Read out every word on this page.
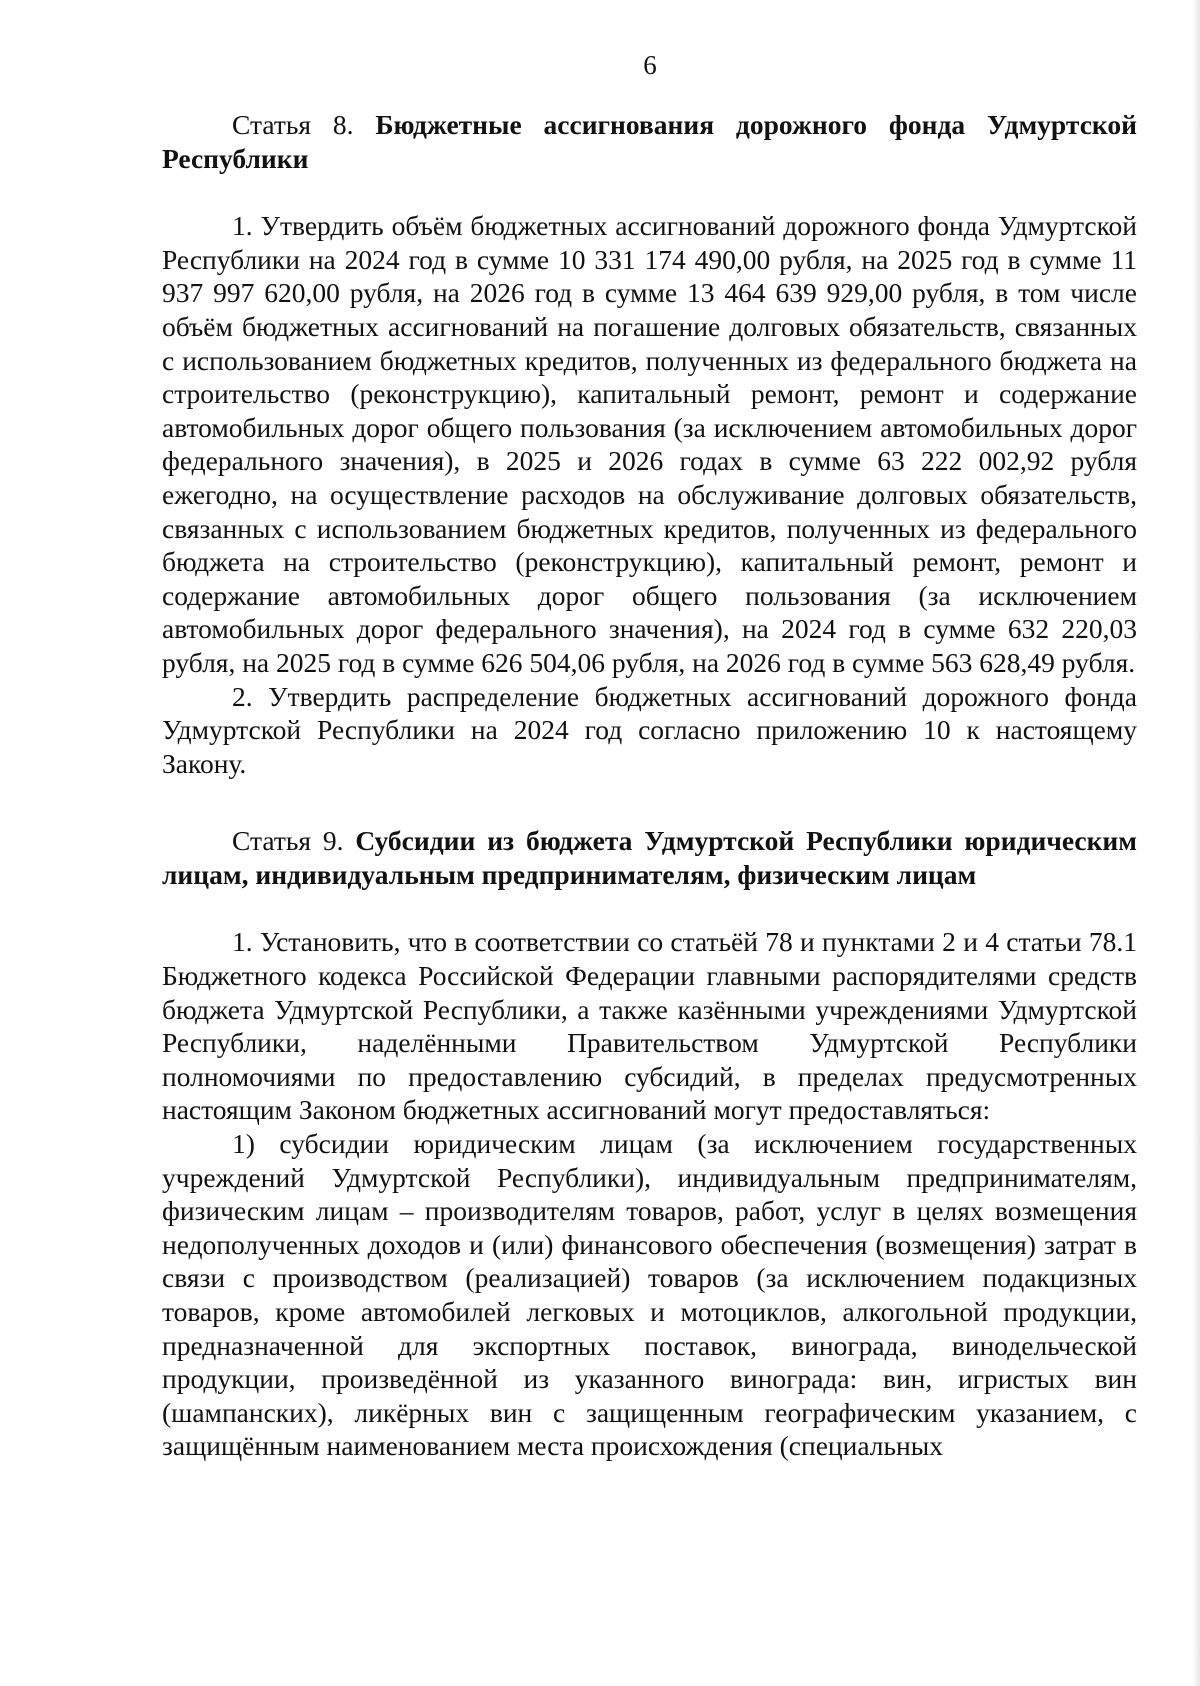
6

Статья 8. Бюджетные ассигнования дорожного фонда Удмуртской Республики

1. Утвердить объём бюджетных ассигнований дорожного фонда Удмуртской Республики на 2024 год в сумме 10 331 174 490,00 рубля, на 2025 год в сумме 11 937 997 620,00 рубля, на 2026 год в сумме 13 464 639 929,00 рубля, в том числе объём бюджетных ассигнований на погашение долговых обязательств, связанных с использованием бюджетных кредитов, полученных из федерального бюджета на строительство (реконструкцию), капитальный ремонт, ремонт и содержание автомобильных дорог общего пользования (за исключением автомобильных дорог федерального значения), в 2025 и 2026 годах в сумме 63 222 002,92 рубля ежегодно, на осуществление расходов на обслуживание долговых обязательств, связанных с использованием бюджетных кредитов, полученных из федерального бюджета на строительство (реконструкцию), капитальный ремонт, ремонт и содержание автомобильных дорог общего пользования (за исключением автомобильных дорог федерального значения), на 2024 год в сумме 632 220,03 рубля, на 2025 год в сумме 626 504,06 рубля, на 2026 год в сумме 563 628,49 рубля.

2. Утвердить распределение бюджетных ассигнований дорожного фонда Удмуртской Республики на 2024 год согласно приложению 10 к настоящему Закону.

Статья 9. Субсидии из бюджета Удмуртской Республики юридическим лицам, индивидуальным предпринимателям, физическим лицам

1. Установить, что в соответствии со статьёй 78 и пунктами 2 и 4 статьи 78.1 Бюджетного кодекса Российской Федерации главными распорядителями средств бюджета Удмуртской Республики, а также казёнными учреждениями Удмуртской Республики, наделёнными Правительством Удмуртской Республики полномочиями по предоставлению субсидий, в пределах предусмотренных настоящим Законом бюджетных ассигнований могут предоставляться:

1) субсидии юридическим лицам (за исключением государственных учреждений Удмуртской Республики), индивидуальным предпринимателям, физическим лицам – производителям товаров, работ, услуг в целях возмещения недополученных доходов и (или) финансового обеспечения (возмещения) затрат в связи с производством (реализацией) товаров (за исключением подакцизных товаров, кроме автомобилей легковых и мотоциклов, алкогольной продукции, предназначенной для экспортных поставок, винограда, винодельческой продукции, произведённой из указанного винограда: вин, игристых вин (шампанских), ликёрных вин с защищенным географическим указанием, с защищённым наименованием места происхождения (специальных
